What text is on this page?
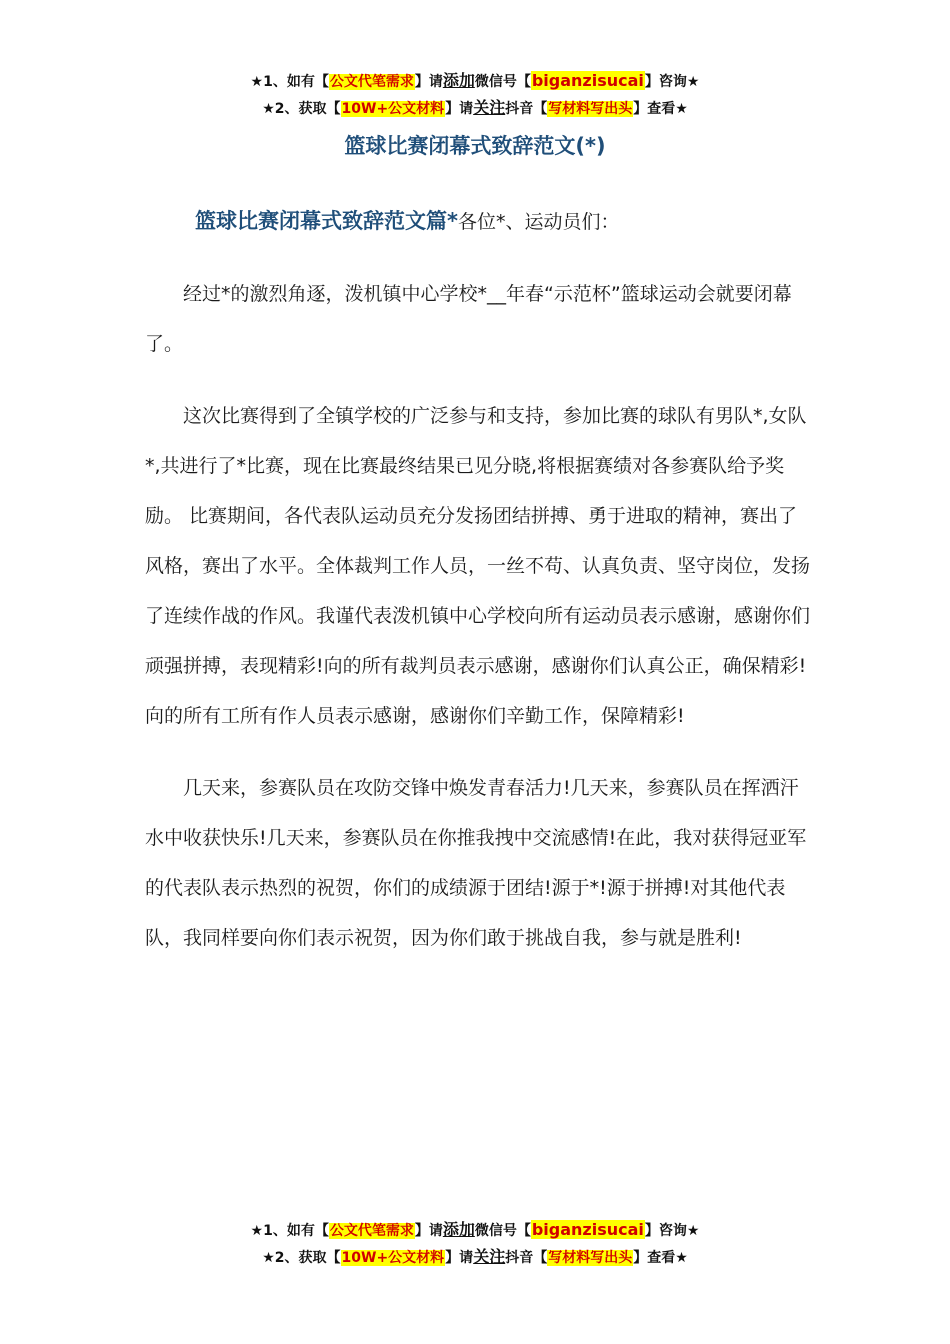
★1、如有【公文代笔需求】请添加微信号【biganzisucai】咨询★
★2、获取【10W+公文材料】请关注抖音【写材料写出头】查看★
篮球比赛闭幕式致辞范文(*)

篮球比赛闭幕式致辞范文篇*各位*、运动员们：

经过*的激烈角逐，泼机镇中心学校*__年春“示范杯”篮球运动会就要闭幕了。

这次比赛得到了全镇学校的广泛参与和支持，参加比赛的球队有男队*,女队*,共进行了*比赛，现在比赛最终结果已见分晓,将根据赛绩对各参赛队给予奖励。 比赛期间，各代表队运动员充分发扬团结拼搏、勇于进取的精神，赛出了风格，赛出了水平。全体裁判工作人员，一丝不苟、认真负责、坚守岗位，发扬了连续作战的作风。我谨代表泼机镇中心学校向所有运动员表示感谢，感谢你们顽强拼搏，表现精彩!向的所有裁判员表示感谢，感谢你们认真公正，确保精彩!向的所有工所有作人员表示感谢，感谢你们辛勤工作，保障精彩!

几天来，参赛队员在攻防交锋中焕发青春活力!几天来，参赛队员在挥洒汗水中收获快乐!几天来，参赛队员在你推我拽中交流感情!在此，我对获得冠亚军的代表队表示热烈的祝贺，你们的成绩源于团结!源于*!源于拼搏!对其他代表队，我同样要向你们表示祝贺，因为你们敢于挑战自我，参与就是胜利!

★1、如有【公文代笔需求】请添加微信号【biganzisucai】咨询★
★2、获取【10W+公文材料】请关注抖音【写材料写出头】查看★
